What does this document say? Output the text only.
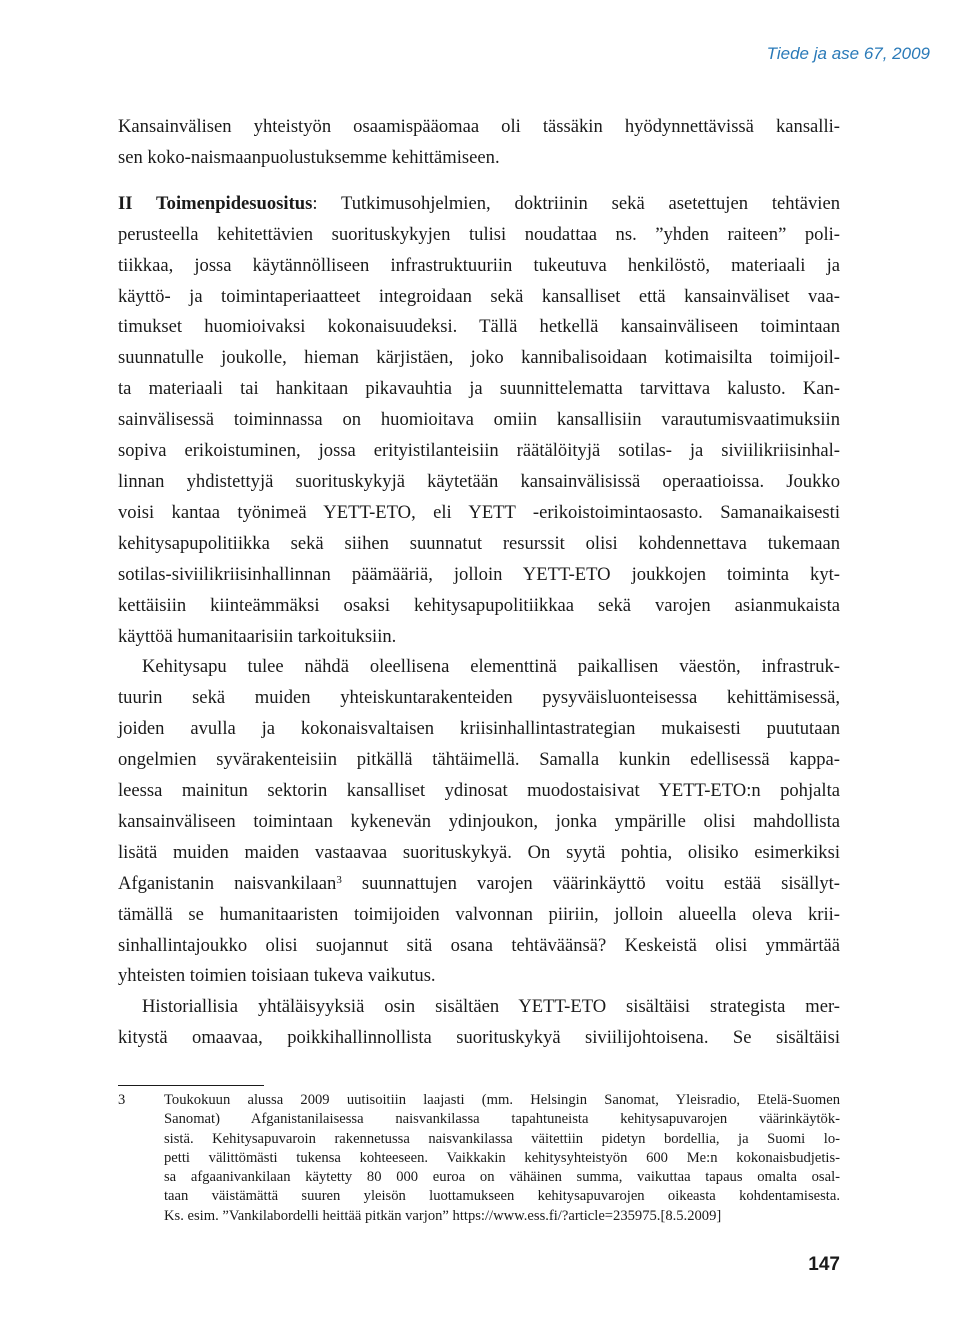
Tiede ja ase 67, 2009
Kansainvälisen yhteistyön osaamispääomaa oli tässäkin hyödynnettävissä kansalli-
sen koko-naismaanpuolustuksemme kehittämiseen.
II Toimenpidesuositus: Tutkimusohjelmien, doktriinin sekä asetettujen tehtävien
perusteella kehitettävien suorituskykyjen tulisi noudattaa ns. ”yhden raiteen” poli-
tiikkaa, jossa käytännölliseen infrastruktuuriin tukeutuva henkilöstö, materiaali ja
käyttö- ja toimintaperiaatteet integroidaan sekä kansalliset että kansainväliset vaa-
timukset huomioivaksi kokonaisuudeksi. Tällä hetkellä kansainväliseen toimintaan
suunnatulle joukolle, hieman kärjistäen, joko kannibalisoidaan kotimaisilta toimijoil-
ta materiaali tai hankitaan pikavauhtia ja suunnittelematta tarvittava kalusto. Kan-
sainvälisessä toiminnassa on huomioitava omiin kansallisiin varautumisvaatimuksiin
sopiva erikoistuminen, jossa erityistilanteisiin räätälöityjä sotilas- ja siviilikriisinhal-
linnan yhdistettyjä suorituskykyjä käytetään kansainvälisissä operaatioissa. Joukko
voisi kantaa työnimeä YETT-ETO, eli YETT -erikoistoimintaosasto. Samanaikaisesti
kehitysapupolitiikka sekä siihen suunnatut resurssit olisi kohdennettava tukemaan
sotilas-siviilikriisinhallinnan päämääriä, jolloin YETT-ETO joukkojen toiminta kyt-
kettäisiin kiinteämmäksi osaksi kehitysapupolitiikkaa sekä varojen asianmukaista
käyttöä humanitaarisiin tarkoituksiin.
Kehitysapu tulee nähdä oleellisena elementtinä paikallisen väestön, infrastruk-
tuurin sekä muiden yhteiskuntarakenteiden pysyväisluonteisessa kehittämisessä,
joiden avulla ja kokonaisvaltaisen kriisinhallintastrategian mukaisesti puututaan
ongelmien syvärakenteisiin pitkällä tähtäimellä. Samalla kunkin edellisessä kappa-
leessa mainitun sektorin kansalliset ydinosat muodostaisivat YETT-ETO:n pohjalta
kansainväliseen toimintaan kykenevän ydinjoukon, jonka ympärille olisi mahdollista
lisätä muiden maiden vastaavaa suorituskykyä. On syytä pohtia, olisiko esimerkiksi
Afganistanin naisvankilaan$^3$ suunnattujen varojen väärinkäyttö voitu estää sisällyt-
tämällä se humanitaaristen toimijoiden valvonnan piiriin, jolloin alueella oleva krii-
sinhallintajoukko olisi suojannut sitä osana tehtäväänsä? Keskeistä olisi ymmärtää
yhteisten toimien toisiaan tukeva vaikutus.
Historiallisia yhtäläisyyksiä osin sisältäen YETT-ETO sisältäisi strategista mer-
kitystä omaavaa, poikkihallinnollista suorituskykyä siviilijohtoisena. Se sisältäisi
3	Toukokuun alussa 2009 uutisoitiin laajasti (mm. Helsingin Sanomat, Yleisradio, Etelä-Suomen
Sanomat) Afganistanilaisessa naisvankilassa tapahtuneista kehitysapuvarojen väärinkäytök-
sistä. Kehitysapuvaroin rakennetussa naisvankilassa väitettiin pidetyn bordellia, ja Suomi lo-
petti välittömästi tukensa kohteeseen. Vaikkakin kehitysyhteistyön 600 Me:n kokonaisbudjetis-
sa afgaanivankilaan käytetty 80 000 euroa on vähäinen summa, vaikuttaa tapaus omalta osal-
taan väistämättä suuren yleisön luottamukseen kehitysapuvarojen oikeasta kohdentamisesta.
Ks. esim. ”Vankilabordelli heittää pitkän varjon” https://www.ess.fi/?article=235975.[8.5.2009]
147
